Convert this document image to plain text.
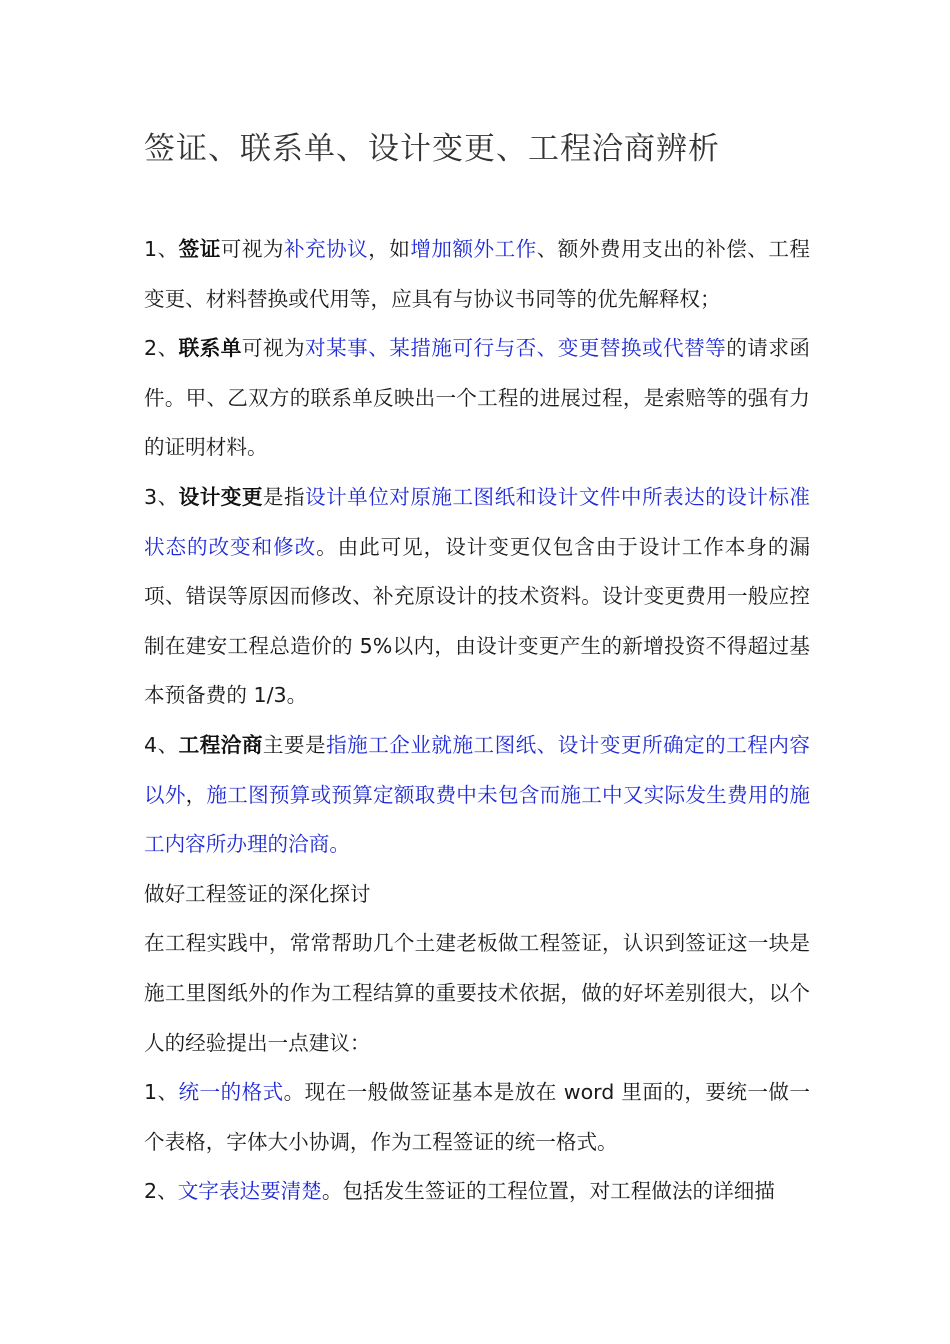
签证、联系单、设计变更、工程洽商辨析

1、签证可视为补充协议，如增加额外工作、额外费用支出的补偿、工程变更、材料替换或代用等，应具有与协议书同等的优先解释权；

2、联系单可视为对某事、某措施可行与否、变更替换或代替等的请求函件。甲、乙双方的联系单反映出一个工程的进展过程，是索赔等的强有力的证明材料。

3、设计变更是指设计单位对原施工图纸和设计文件中所表达的设计标准状态的改变和修改。由此可见，设计变更仅包含由于设计工作本身的漏项、错误等原因而修改、补充原设计的技术资料。设计变更费用一般应控制在建安工程总造价的 5%以内，由设计变更产生的新增投资不得超过基本预备费的 1/3。

4、工程洽商主要是指施工企业就施工图纸、设计变更所确定的工程内容以外，施工图预算或预算定额取费中未包含而施工中又实际发生费用的施工内容所办理的洽商。

做好工程签证的深化探讨

在工程实践中，常常帮助几个土建老板做工程签证，认识到签证这一块是施工里图纸外的作为工程结算的重要技术依据，做的好坏差别很大，以个人的经验提出一点建议：

1、统一的格式。现在一般做签证基本是放在 word 里面的，要统一做一个表格，字体大小协调，作为工程签证的统一格式。

2、文字表达要清楚。包括发生签证的工程位置，对工程做法的详细描
